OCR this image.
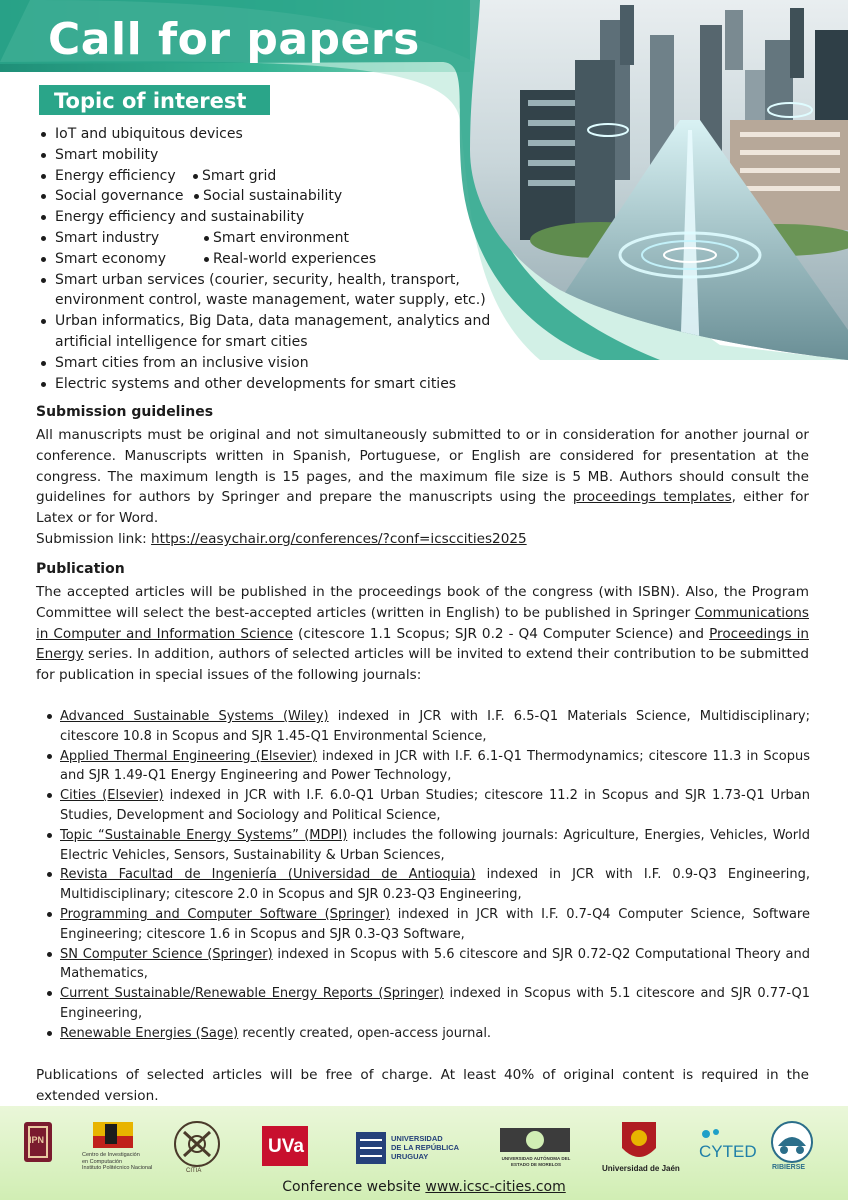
Call for papers
Topic of interest
IoT and ubiquitous devices
Smart mobility
Energy efficiency Smart grid
Social governance Social sustainability
Energy efficiency and sustainability
Smart industry	Smart environment
Smart economy	Real-world experiences
Smart urban services (courier, security, health, transport,
environment control, waste management, water supply, etc.)
Urban informatics, Big Data, data management, analytics and
artificial intelligence for smart cities
Smart cities from an inclusive vision
Electric systems and other developments for smart cities
Submission guidelines
All manuscripts must be original and not simultaneously submitted to or in consideration for another journal or conference. Manuscripts written in Spanish, Portuguese, or English are considered for presentation at the congress. The maximum length is 15 pages, and the maximum file size is 5 MB. Authors should consult the guidelines for authors by Springer and prepare the manuscripts using the proceedings templates, either for Latex or for Word.
Submission link: https://easychair.org/conferences/?conf=icsccities2025
Publication
The accepted articles will be published in the proceedings book of the congress (with ISBN). Also, the Program Committee will select the best-accepted articles (written in English) to be published in Springer Communications in Computer and Information Science (citescore 1.1 Scopus; SJR 0.2 - Q4 Computer Science) and Proceedings in Energy series. In addition, authors of selected articles will be invited to extend their contribution to be submitted for publication in special issues of the following journals:
Advanced Sustainable Systems (Wiley) indexed in JCR with I.F. 6.5-Q1 Materials Science, Multidisciplinary; citescore 10.8 in Scopus and SJR 1.45-Q1 Environmental Science,
Applied Thermal Engineering (Elsevier) indexed in JCR with I.F. 6.1-Q1 Thermodynamics; citescore 11.3 in Scopus and SJR 1.49-Q1 Energy Engineering and Power Technology,
Cities (Elsevier) indexed in JCR with I.F. 6.0-Q1 Urban Studies; citescore 11.2 in Scopus and SJR 1.73-Q1 Urban Studies, Development and Sociology and Political Science,
Topic “Sustainable Energy Systems” (MDPI) includes the following journals: Agriculture, Energies, Vehicles, World Electric Vehicles, Sensors, Sustainability & Urban Sciences,
Revista Facultad de Ingeniería (Universidad de Antioquia) indexed in JCR with I.F. 0.9-Q3 Engineering, Multidisciplinary; citescore 2.0 in Scopus and SJR 0.23-Q3 Engineering,
Programming and Computer Software (Springer) indexed in JCR with I.F. 0.7-Q4 Computer Science, Software Engineering; citescore 1.6 in Scopus and SJR 0.3-Q3 Software,
SN Computer Science (Springer) indexed in Scopus with 5.6 citescore and SJR 0.72-Q2 Computational Theory and Mathematics,
Current Sustainable/Renewable Energy Reports (Springer) indexed in Scopus with 5.1 citescore and SJR 0.77-Q1 Engineering,
Renewable Energies (Sage) recently created, open-access journal.
Publications of selected articles will be free of charge. At least 40% of original content is required in the extended version.
IPN
Centro de Investigación
en Computación
Instituto Politécnico Nacional	CITIA
UVa	UNIVERSIDAD
DE LA REPÚBLICA
URUGUAY	UNIVERSIDAD AUTÓNOMA DEL
ESTADO DE MORELOS	Universidad de Jaén
CYTED
RIBIERSE
Conference website www.icsc-cities.com
